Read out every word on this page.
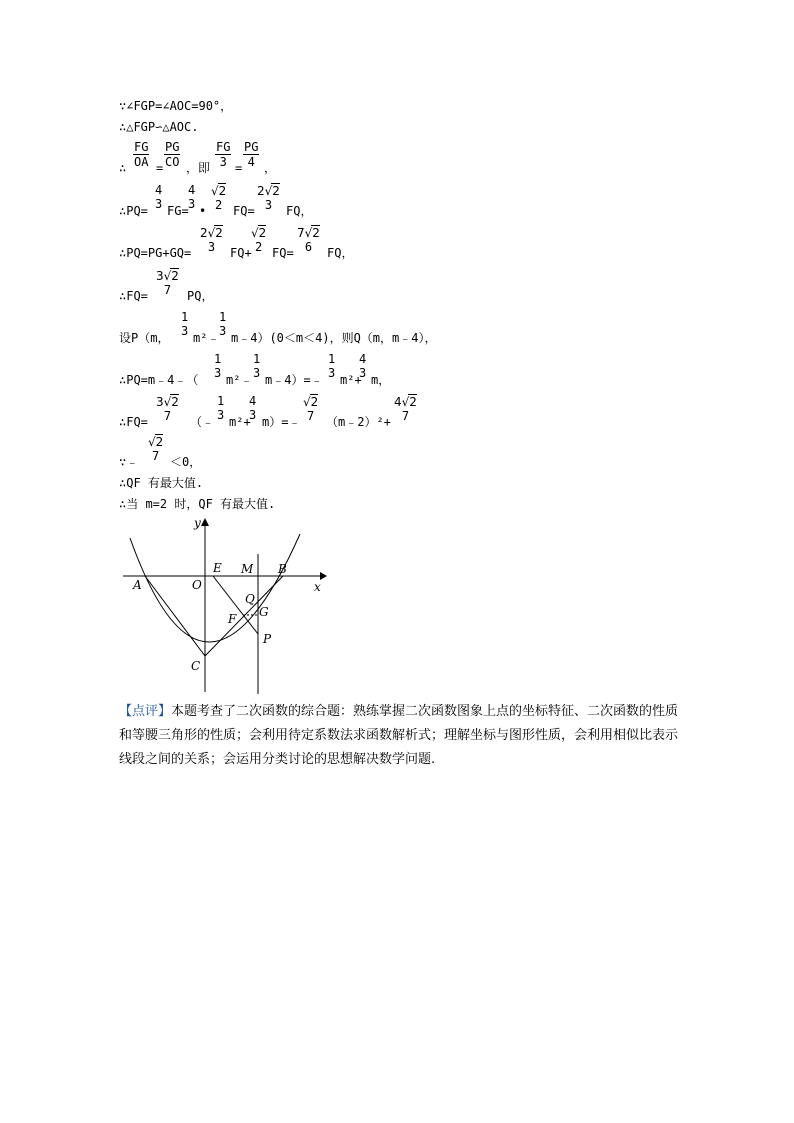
∵∠FGP=∠AOC=90°，
∴△FGP∽△AOC.
∴
FG
OA =
PG
CO ，即
FG
3 =
PG
4 ，
∴PQ=
4
3 FG=
4
3 •
√2
2 FQ=
2√2
3	FQ，
∴PQ=PG+GQ=
2√2
3	FQ+
√2
2 FQ=
7√2
6	FQ，
∴FQ=
3√2
7	PQ，
设P（m，
1
3 m²﹣
1
3 m﹣4）(0＜m＜4)，则Q（m，m﹣4），
∴PQ=m﹣4﹣（
1
3 m²﹣
1
3 m﹣4）=﹣
1
3 m²+
4
3 m，
∴FQ=
3√2
7	（﹣
1
3 m²+
4
3 m）=﹣
√2
7 （m﹣2）²+
4√2
7
∵﹣
√2
7 ＜0，
∴QF 有最大值.
∴当 m=2 时，QF 有最大值.
y
x
A	O
E M B
Q
G
F
P
C
【点评】本题考查了二次函数的综合题：熟练掌握二次函数图象上点的坐标特征、二次函数的性质和等腰三角形的性质；会利用待定系数法求函数解析式；理解坐标与图形性质，会利用相似比表示线段之间的关系；会运用分类讨论的思想解决数学问题.
